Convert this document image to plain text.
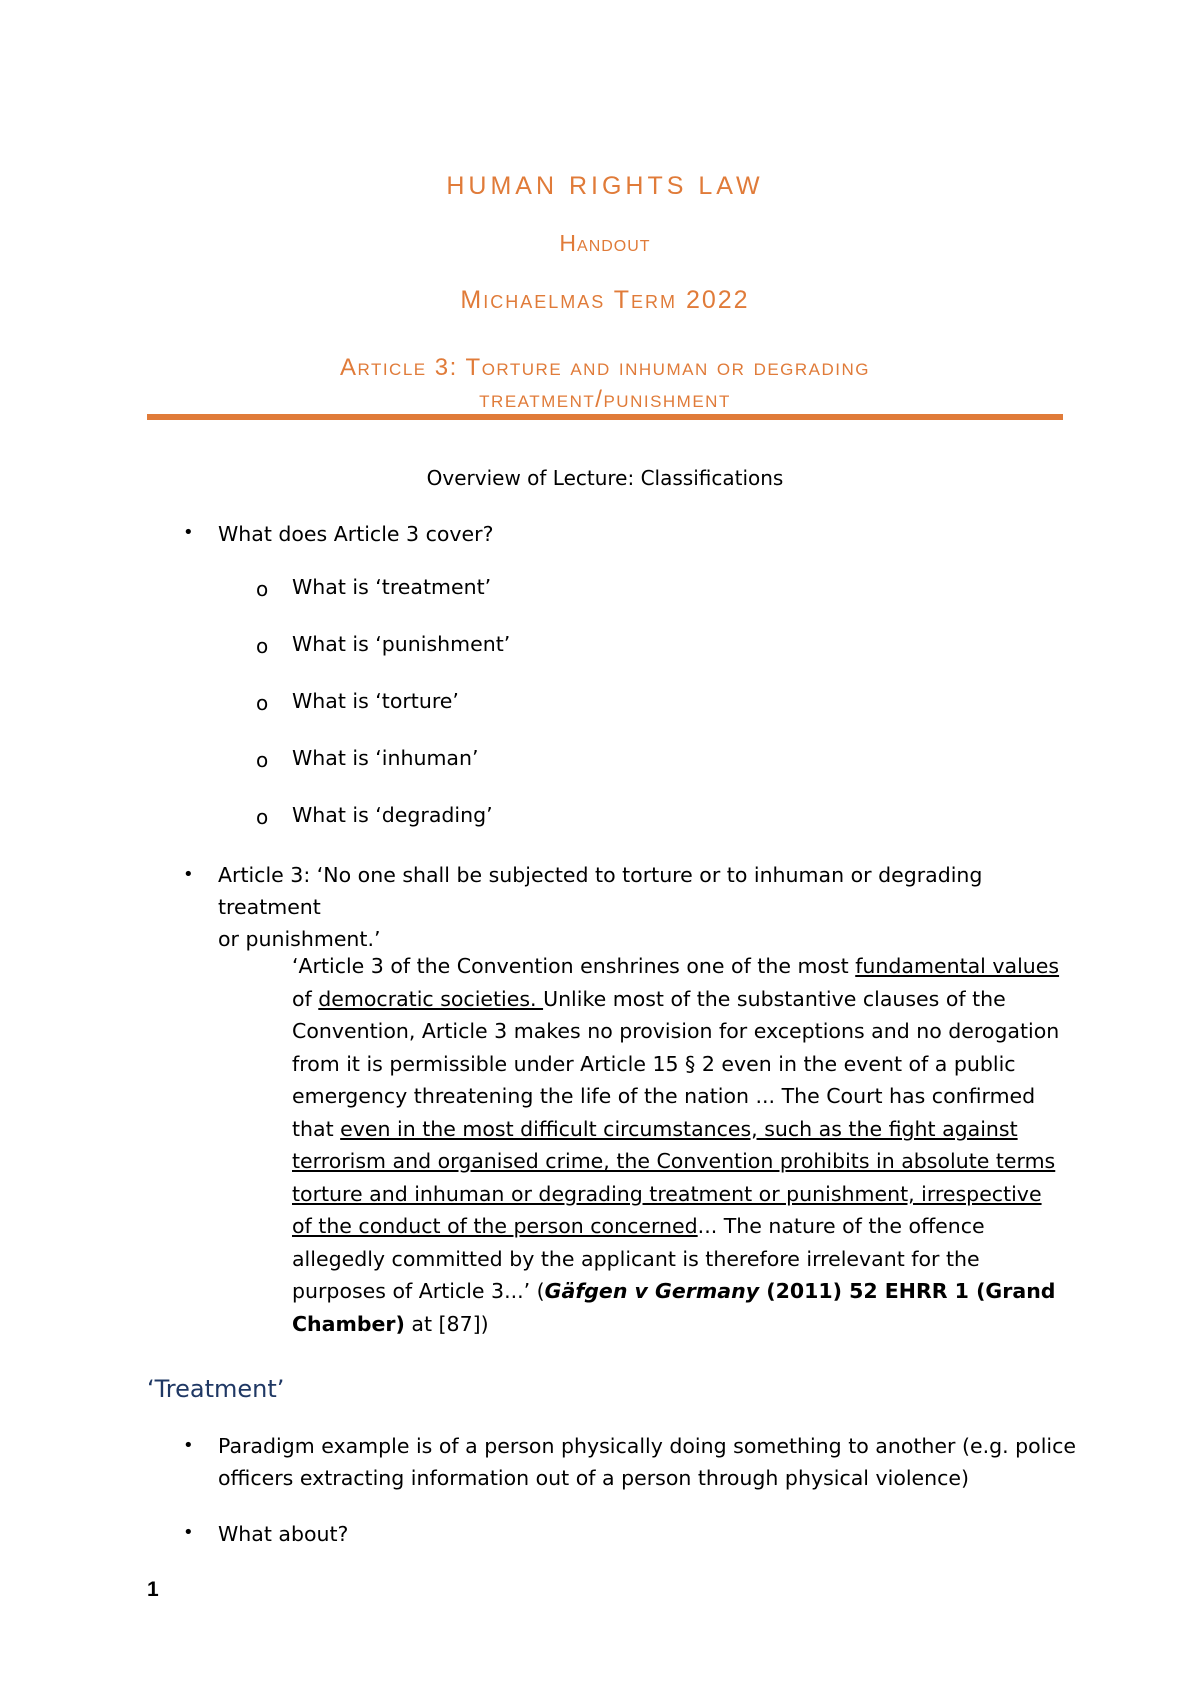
HUMAN RIGHTS LAW
Handout
Michaelmas Term 2022
Article 3: Torture and inhuman or degrading
treatment/punishment
Overview of Lecture: Classifications
• What does Article 3 cover?
o What is ‘treatment’
o What is ‘punishment’
o What is ‘torture’
o What is ‘inhuman’
o What is ‘degrading’
• Article 3: ‘No one shall be subjected to torture or to inhuman or degrading treatment
or punishment.’
‘Article 3 of the Convention enshrines one of the most fundamental values of democratic societies. Unlike most of the substantive clauses of the Convention, Article 3 makes no provision for exceptions and no derogation from it is permissible under Article 15 § 2 even in the event of a public emergency threatening the life of the nation ... The Court has confirmed that even in the most difficult circumstances, such as the fight against terrorism and organised crime, the Convention prohibits in absolute terms torture and inhuman or degrading treatment or punishment, irrespective of the conduct of the person concerned... The nature of the offence allegedly committed by the applicant is therefore irrelevant for the purposes of Article 3...’ (Gäfgen v Germany (2011) 52 EHRR 1 (Grand Chamber) at [87])
‘Treatment’
• Paradigm example is of a person physically doing something to another (e.g. police
officers extracting information out of a person through physical violence)
• What about?
1
